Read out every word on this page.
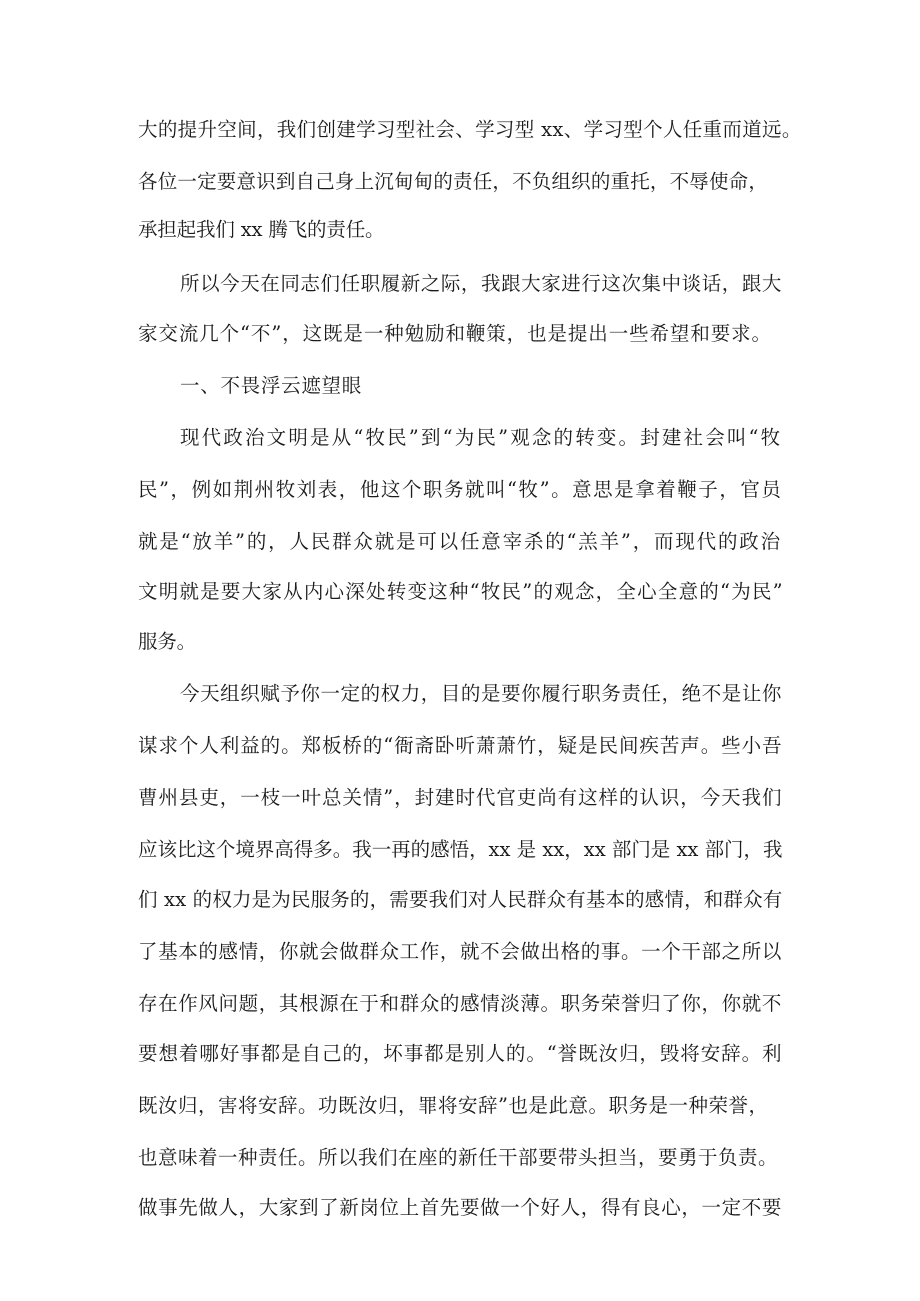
大的提升空间，我们创建学习型社会、学习型 xx、学习型个人任重而道远。
各位一定要意识到自己身上沉甸甸的责任，不负组织的重托，不辱使命，
承担起我们 xx 腾飞的责任。
所以今天在同志们任职履新之际，我跟大家进行这次集中谈话，跟大
家交流几个“不”，这既是一种勉励和鞭策，也是提出一些希望和要求。
一、不畏浮云遮望眼
现代政治文明是从“牧民”到“为民”观念的转变。封建社会叫“牧
民”，例如荆州牧刘表，他这个职务就叫“牧”。意思是拿着鞭子，官员
就是“放羊”的，人民群众就是可以任意宰杀的“羔羊”，而现代的政治
文明就是要大家从内心深处转变这种“牧民”的观念，全心全意的“为民”
服务。
今天组织赋予你一定的权力，目的是要你履行职务责任，绝不是让你
谋求个人利益的。郑板桥的“衙斋卧听萧萧竹，疑是民间疾苦声。些小吾
曹州县吏，一枝一叶总关情”，封建时代官吏尚有这样的认识，今天我们
应该比这个境界高得多。我一再的感悟，xx 是 xx，xx 部门是 xx 部门，我
们 xx 的权力是为民服务的，需要我们对人民群众有基本的感情，和群众有
了基本的感情，你就会做群众工作，就不会做出格的事。一个干部之所以
存在作风问题，其根源在于和群众的感情淡薄。职务荣誉归了你，你就不
要想着哪好事都是自己的，坏事都是别人的。“誉既汝归，毁将安辞。利
既汝归，害将安辞。功既汝归，罪将安辞”也是此意。职务是一种荣誉，
也意味着一种责任。所以我们在座的新任干部要带头担当，要勇于负责。
做事先做人，大家到了新岗位上首先要做一个好人，得有良心，一定不要
